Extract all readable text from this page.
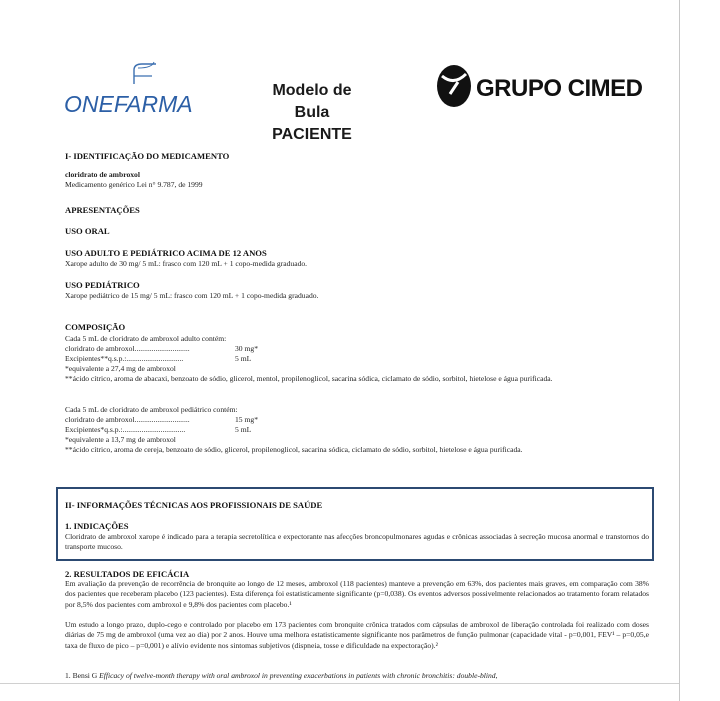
ONEFARMA
Modelo de Bula
PACIENTE
GRUPO CIMED
I- IDENTIFICAÇÃO DO MEDICAMENTO
cloridrato de ambroxol
Medicamento genérico Lei n° 9.787, de 1999
APRESENTAÇÕES
USO ORAL
USO ADULTO E PEDIÁTRICO ACIMA DE 12 ANOS
Xarope adulto de 30 mg/ 5 mL: frasco com 120 mL + 1 copo-medida graduado.
USO PEDIÁTRICO
Xarope pediátrico de 15 mg/ 5 mL: frasco com 120 mL + 1 copo-medida graduado.
COMPOSIÇÃO
Cada 5 mL de cloridrato de ambroxol adulto contém:
cloridrato de ambroxol.............................	30 mg*
Excipientes**q.s.p.:..............................	5 mL
*equivalente a 27,4 mg de ambroxol
**ácido cítrico, aroma de abacaxi, benzoato de sódio, glicerol, mentol, propilenoglicol, sacarina sódica, ciclamato de sódio, sorbitol, hietelose e água purificada.
Cada 5 mL de cloridrato de ambroxol pediátrico contém:
cloridrato de ambroxol.............................	15 mg*
Excipientes*q.s.p.:.................................	5 mL
*equivalente a 13,7 mg de ambroxol
**ácido cítrico, aroma de cereja, benzoato de sódio, glicerol, propilenoglicol, sacarina sódica, ciclamato de sódio, sorbitol, hietelose e água purificada.
II- INFORMAÇÕES TÉCNICAS AOS PROFISSIONAIS DE SAÚDE
1. INDICAÇÕES
Cloridrato de ambroxol xarope é indicado para a terapia secretolítica e expectorante nas afecções broncopulmonares agudas e crônicas associadas à secreção mucosa anormal e transtornos do transporte mucoso.
2. RESULTADOS DE EFICÁCIA
Em avaliação da prevenção de recorrência de bronquite ao longo de 12 meses, ambroxol (118 pacientes) manteve a prevenção em 63%, dos pacientes mais graves, em comparação com 38% dos pacientes que receberam placebo (123 pacientes). Esta diferença foi estatisticamente significante (p=0,038). Os eventos adversos possivelmente relacionados ao tratamento foram relatados por 8,5% dos pacientes com ambroxol e 9,8% dos pacientes com placebo.¹
Um estudo a longo prazo, duplo-cego e controlado por placebo em 173 pacientes com bronquite crônica tratados com cápsulas de ambroxol de liberação controlada foi realizado com doses diárias de 75 mg de ambroxol (uma vez ao dia) por 2 anos. Houve uma melhora estatisticamente significante nos parâmetros de função pulmonar (capacidade vital - p=0,001, FEV¹ – p=0,05,e taxa de fluxo de pico – p=0,001) e alívio evidente nos sintomas subjetivos (dispneia, tosse e dificuldade na expectoração).²
1. Bensi G Efficacy of twelve-month therapy with oral ambroxol in preventing exacerbations in patients with chronic bronchitis: double-blind,
